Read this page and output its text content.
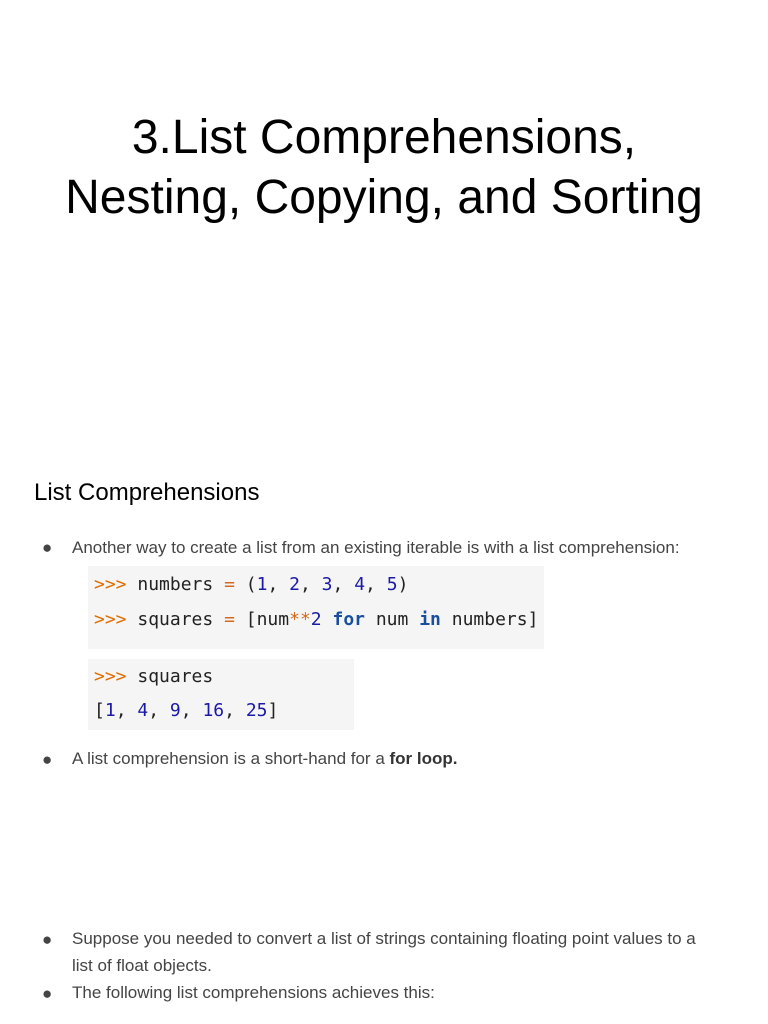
3.List Comprehensions,
Nesting, Copying, and Sorting
List Comprehensions
● Another way to create a list from an existing iterable is with a list comprehension:
>>> numbers = (1, 2, 3, 4, 5)
>>> squares = [num**2 for num in numbers]
>>> squares
[1, 4, 9, 16, 25]
● A list comprehension is a short-hand for a for loop.
● Suppose you needed to convert a list of strings containing floating point values to a list of float objects.
● The following list comprehensions achieves this:
